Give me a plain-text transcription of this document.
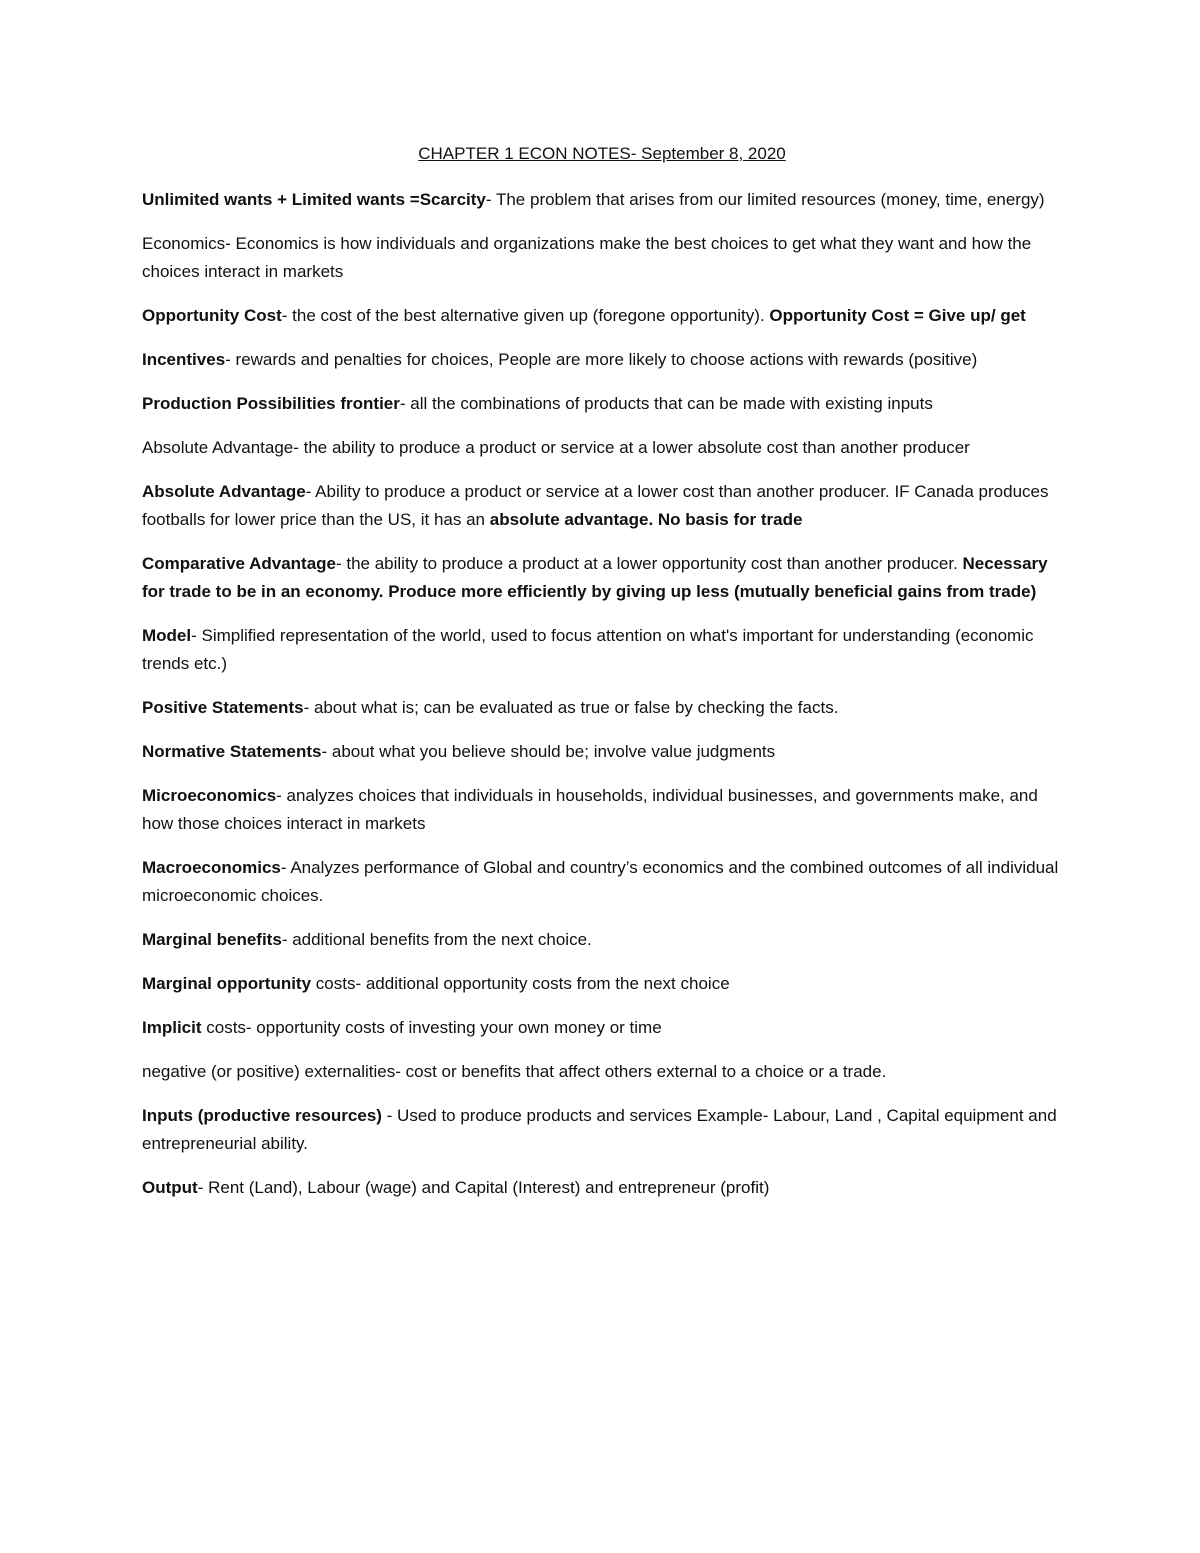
CHAPTER 1 ECON NOTES- September 8, 2020

Unlimited wants + Limited wants =Scarcity- The problem that arises from our limited resources (money, time, energy)

Economics- Economics is how individuals and organizations make the best choices to get what they want and how the choices interact in markets

Opportunity Cost- the cost of the best alternative given up (foregone opportunity). Opportunity Cost = Give up/ get

Incentives- rewards and penalties for choices, People are more likely to choose actions with rewards (positive)

Production Possibilities frontier- all the combinations of products that can be made with existing inputs

Absolute Advantage- the ability to produce a product or service at a lower absolute cost than another producer

Absolute Advantage- Ability to produce a product or service at a lower cost than another producer. IF Canada produces footballs for lower price than the US, it has an absolute advantage. No basis for trade

Comparative Advantage- the ability to produce a product at a lower opportunity cost than another producer. Necessary for trade to be in an economy. Produce more efficiently by giving up less (mutually beneficial gains from trade)

Model- Simplified representation of the world, used to focus attention on what's important for understanding (economic trends etc.)

Positive Statements- about what is; can be evaluated as true or false by checking the facts.

Normative Statements- about what you believe should be; involve value judgments

Microeconomics- analyzes choices that individuals in households, individual businesses, and governments make, and how those choices interact in markets

Macroeconomics- Analyzes performance of Global and country’s economics and the combined outcomes of all individual microeconomic choices.

Marginal benefits- additional benefits from the next choice.

Marginal opportunity costs- additional opportunity costs from the next choice

Implicit costs- opportunity costs of investing your own money or time

negative (or positive) externalities- cost or benefits that affect others external to a choice or a trade.

Inputs (productive resources) - Used to produce products and services Example- Labour, Land , Capital equipment and entrepreneurial ability.

Output- Rent (Land), Labour (wage) and Capital (Interest) and entrepreneur (profit)
